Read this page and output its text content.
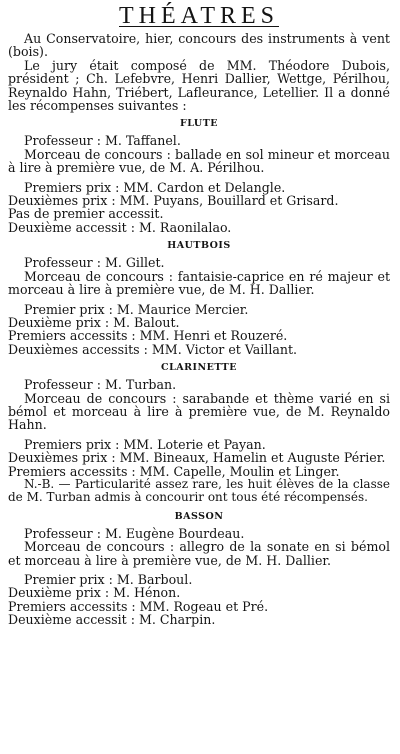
THÉATRES

Au Conservatoire, hier, concours des instruments à vent (bois).

Le jury était composé de MM. Théodore Dubois, président ; Ch. Lefebvre, Henri Dallier, Wettge, Périlhou, Reynaldo Hahn, Triébert, Lafleurance, Letellier. Il a donné les récompenses suivantes :

FLUTE

Professeur : M. Taffanel.

Morceau de concours : ballade en sol mineur et morceau à lire à première vue, de M. A. Périlhou.

Premiers prix : MM. Cardon et Delangle.

Deuxièmes prix : MM. Puyans, Bouillard et Grisard.

Pas de premier accessit.

Deuxième accessit : M. Raonilalao.

HAUTBOIS

Professeur : M. Gillet.

Morceau de concours : fantaisie-caprice en ré majeur et morceau à lire à première vue, de M. H. Dallier.

Premier prix : M. Maurice Mercier.

Deuxième prix : M. Balout.

Premiers accessits : MM. Henri et Rouzeré.

Deuxièmes accessits : MM. Victor et Vaillant.

CLARINETTE

Professeur : M. Turban.

Morceau de concours : sarabande et thème varié en si bémol et morceau à lire à première vue, de M. Reynaldo Hahn.

Premiers prix : MM. Loterie et Payan.

Deuxièmes prix : MM. Bineaux, Hamelin et Auguste Périer.

Premiers accessits : MM. Capelle, Moulin et Linger.

N.-B. — Particularité assez rare, les huit élèves de la classe de M. Turban admis à concourir ont tous été récompensés.

BASSON

Professeur : M. Eugène Bourdeau.

Morceau de concours : allegro de la sonate en si bémol et morceau à lire à première vue, de M. H. Dallier.

Premier prix : M. Barboul.

Deuxième prix : M. Hénon.

Premiers accessits : MM. Rogeau et Pré.

Deuxième accessit : M. Charpin.
